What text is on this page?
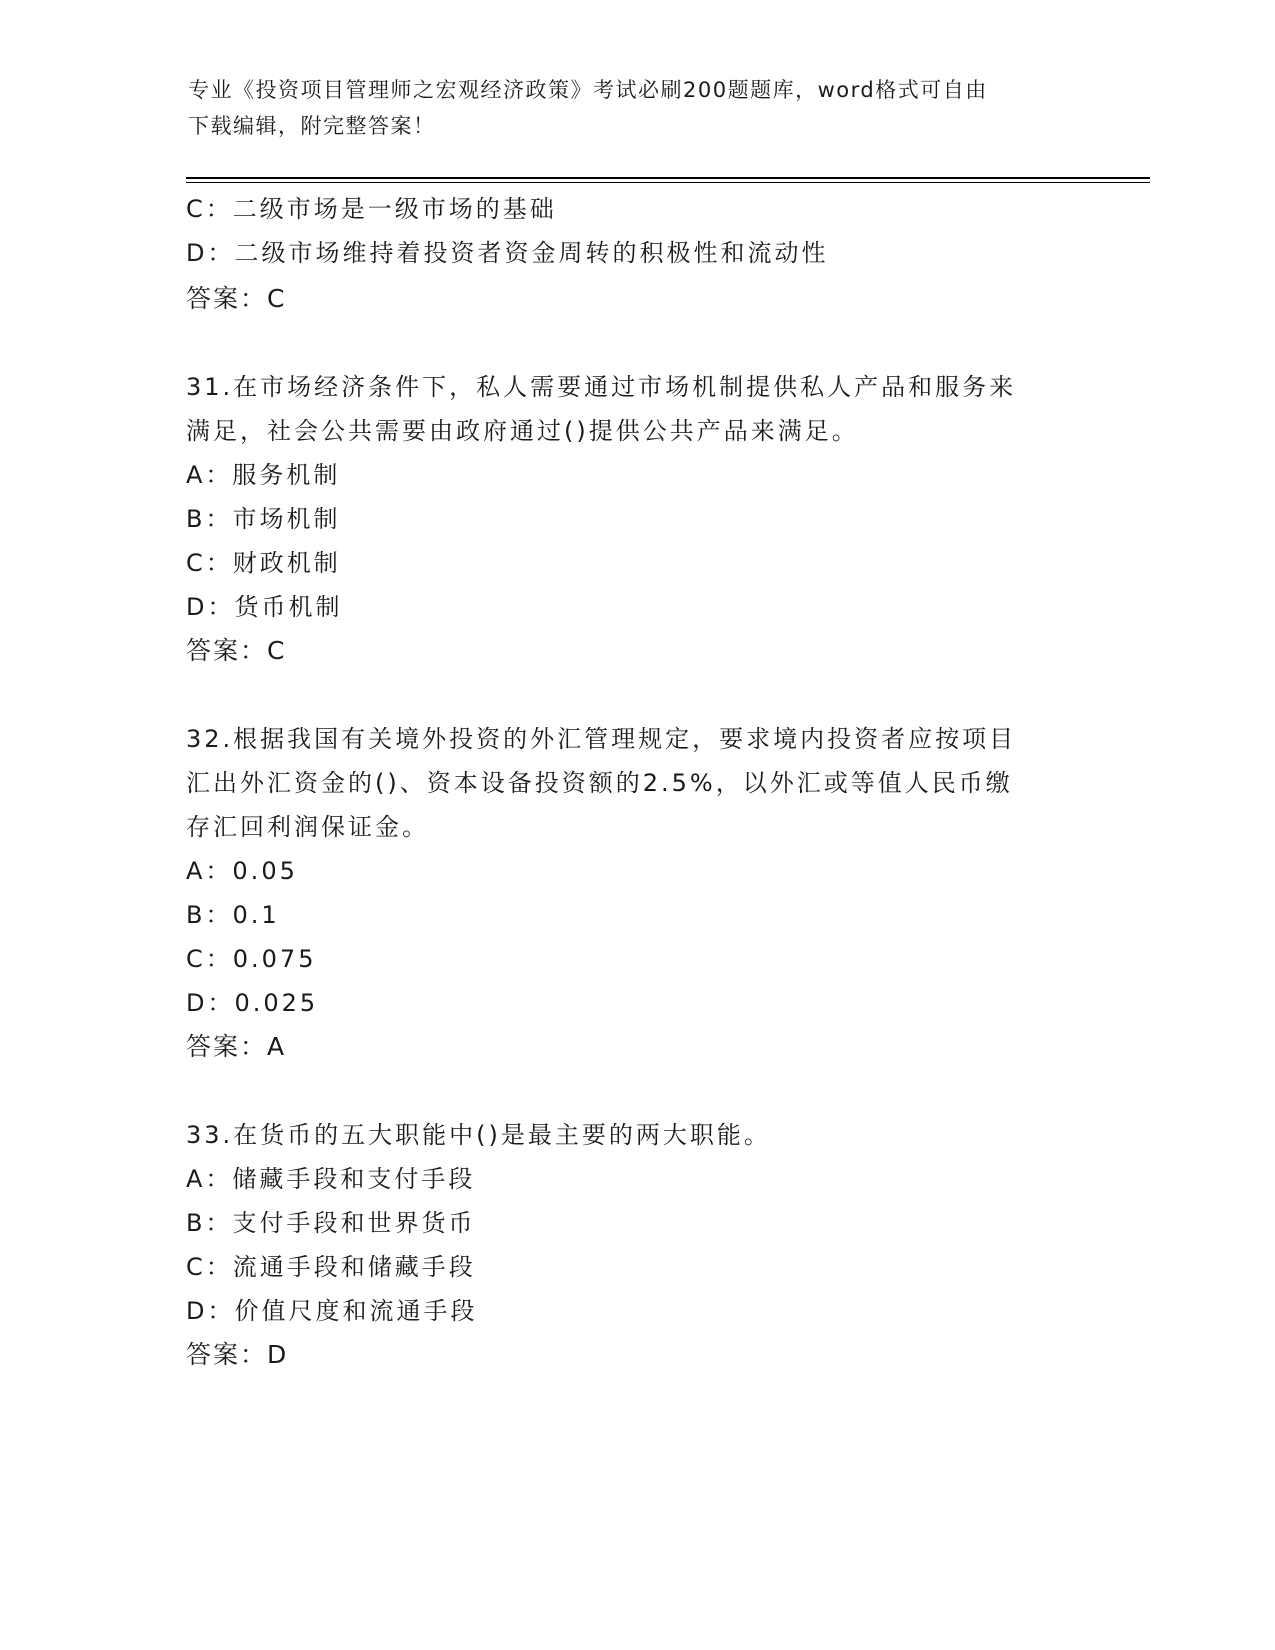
专业《投资项目管理师之宏观经济政策》考试必刷200题题库，word格式可自由
下载编辑，附完整答案！
C：二级市场是一级市场的基础
D：二级市场维持着投资者资金周转的积极性和流动性
答案：C
31.在市场经济条件下，私人需要通过市场机制提供私人产品和服务来
满足，社会公共需要由政府通过()提供公共产品来满足。
A：服务机制
B：市场机制
C：财政机制
D：货币机制
答案：C
32.根据我国有关境外投资的外汇管理规定，要求境内投资者应按项目
汇出外汇资金的()、资本设备投资额的2.5%，以外汇或等值人民币缴
存汇回利润保证金。
A：0.05
B：0.1
C：0.075
D：0.025
答案：A
33.在货币的五大职能中()是最主要的两大职能。
A：储藏手段和支付手段
B：支付手段和世界货币
C：流通手段和储藏手段
D：价值尺度和流通手段
答案：D
